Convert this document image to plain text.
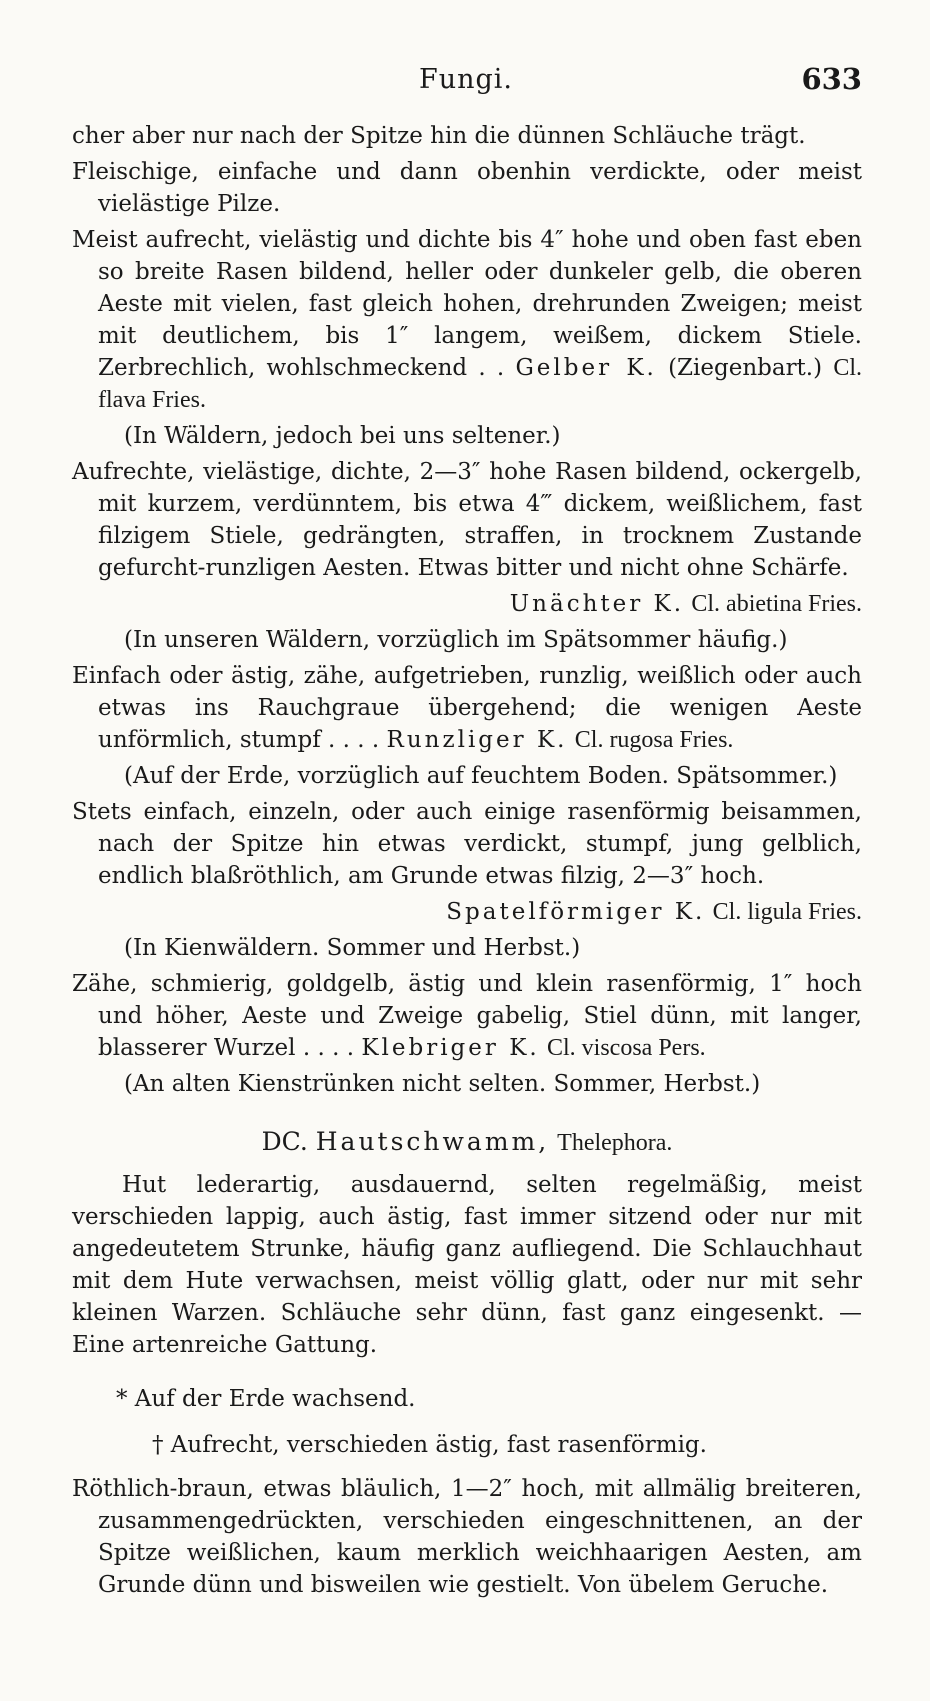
Fungi.	633

cher aber nur nach der Spitze hin die dünnen Schläuche trägt.

Fleischige, einfache und dann obenhin verdickte, oder meist vielästige Pilze.

Meist aufrecht, vielästig und dichte bis 4″ hohe und oben fast eben so breite Rasen bildend, heller oder dunkeler gelb, die oberen Aeste mit vielen, fast gleich hohen, drehrunden Zweigen; meist mit deutlichem, bis 1″ langem, weißem, dickem Stiele. Zerbrechlich, wohlschmeckend . . Gelber K. (Ziegenbart.) Cl. flava Fries.

(In Wäldern, jedoch bei uns seltener.)

Aufrechte, vielästige, dichte, 2—3″ hohe Rasen bildend, ockergelb, mit kurzem, verdünntem, bis etwa 4‴ dickem, weißlichem, fast filzigem Stiele, gedrängten, straffen, in trocknem Zustande gefurcht-runzligen Aesten. Etwas bitter und nicht ohne Schärfe.

Unächter K. Cl. abietina Fries.

(In unseren Wäldern, vorzüglich im Spätsommer häufig.)

Einfach oder ästig, zähe, aufgetrieben, runzlig, weißlich oder auch etwas ins Rauchgraue übergehend; die wenigen Aeste unförmlich, stumpf . . . . Runzliger K. Cl. rugosa Fries.

(Auf der Erde, vorzüglich auf feuchtem Boden. Spätsommer.)

Stets einfach, einzeln, oder auch einige rasenförmig beisammen, nach der Spitze hin etwas verdickt, stumpf, jung gelblich, endlich blaßröthlich, am Grunde etwas filzig, 2—3″ hoch.

Spatelförmiger K. Cl. ligula Fries.

(In Kienwäldern. Sommer und Herbst.)

Zähe, schmierig, goldgelb, ästig und klein rasenförmig, 1″ hoch und höher, Aeste und Zweige gabelig, Stiel dünn, mit langer, blasserer Wurzel . . . . Klebriger K. Cl. viscosa Pers.

(An alten Kienstrünken nicht selten. Sommer, Herbst.)

DC. Hautschwamm, Thelephora.

Hut lederartig, ausdauernd, selten regelmäßig, meist verschieden lappig, auch ästig, fast immer sitzend oder nur mit angedeutetem Strunke, häufig ganz aufliegend. Die Schlauchhaut mit dem Hute verwachsen, meist völlig glatt, oder nur mit sehr kleinen Warzen. Schläuche sehr dünn, fast ganz eingesenkt. — Eine artenreiche Gattung.

* Auf der Erde wachsend.

† Aufrecht, verschieden ästig, fast rasenförmig.

Röthlich-braun, etwas bläulich, 1—2″ hoch, mit allmälig breiteren, zusammengedrückten, verschieden eingeschnittenen, an der Spitze weißlichen, kaum merklich weichhaarigen Aesten, am Grunde dünn und bisweilen wie gestielt. Von übelem Geruche.
